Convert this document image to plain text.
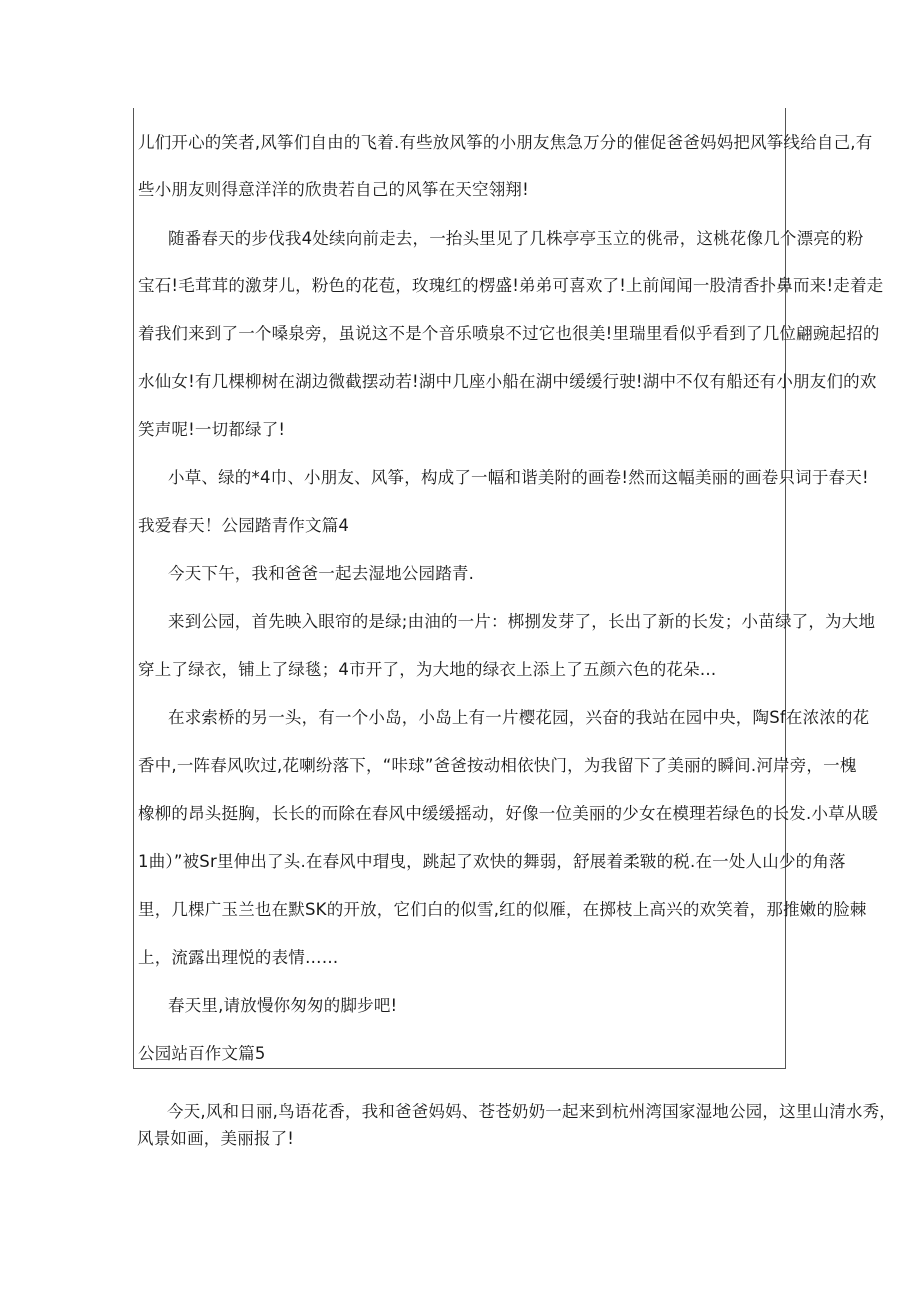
儿们开心的笑者,风筝们自由的飞着.有些放风筝的小朋友焦急万分的催促爸爸妈妈把风筝线给自己,有
些小朋友则得意洋洋的欣贵若自己的风筝在天空翎翔!
随番春天的步伐我4处续向前走去，一抬头里见了几株亭亭玉立的佻帚，这桃花像几个漂亮的粉
宝石!毛茸茸的激芽儿，粉色的花苞，玫瑰红的楞盛!弟弟可喜欢了!上前闻闻一股清香扑鼻而来!走着走
着我们来到了一个嗓泉旁，虽说这不是个音乐喷泉不过它也很美!里瑞里看似乎看到了几位翩豌起招的
水仙女!有几棵柳树在湖边微截摆动若!湖中几座小船在湖中缓缓行驶!湖中不仅有船还有小朋友们的欢
笑声呢!一切都绿了!
小草、绿的*4巾、小朋友、风筝，构成了一幅和谐美附的画卷!然而这幅美丽的画卷只词于春天!
我爱春天！公园踏青作文篇4
今天下午，我和爸爸一起去湿地公园踏青.
来到公园，首先映入眼帘的是绿;由油的一片：梆捌发芽了，长出了新的长发；小苗绿了，为大地
穿上了绿衣，铺上了绿毯；4市开了，为大地的绿衣上添上了五颜六色的花朵…
在求索桥的另一头，有一个小岛，小岛上有一片樱花园，兴奋的我站在园中央，陶Sf在浓浓的花
香中,一阵春风吹过,花喇纷落下，“咔球”爸爸按动相依快门，为我留下了美丽的瞬间.河岸旁，一槐
橡柳的昂头挺胸，长长的而除在春风中缓缓摇动，好像一位美丽的少女在模理若绿色的长发.小草从暖
1曲）”被Sr里伸出了头.在春风中瑁曳，跳起了欢快的舞弱，舒展着柔皲的税.在一处人山少的角落
里，几棵广玉兰也在默SK的开放，它们白的似雪,红的似雁，在掷枝上高兴的欢笑着，那推嫩的脸棘
上，流露出理悦的表情……
春天里,请放慢你匆匆的脚步吧!
公园站百作文篇5
今天,风和日丽,鸟语花香，我和爸爸妈妈、苍苍奶奶一起来到杭州湾国家湿地公园，这里山清水秀，
风景如画，美丽报了!
